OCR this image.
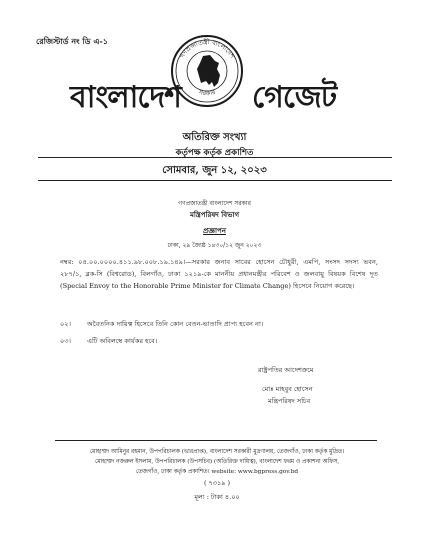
রেজিস্টার্ড নং ডি এ-১
বাংলাদেশ
গণপ্রজাতন্ত্রী বাংলাদেশ
সরকার গেজেট
অতিরিক্ত সংখ্যা
কর্তৃপক্ষ কর্তৃক প্রকাশিত
সোমবার, জুন ১২, ২০২৩
গণপ্রজাতন্ত্রী বাংলাদেশ সরকার
মন্ত্রিপরিষদ বিভাগ
প্রজ্ঞাপন
ঢাকা, ২৯ জ্যৈষ্ঠ ১৪৩০/১২ জুন ২০২৩
নম্বর: ০৪.০০.০০০০.৪১১.৯৮.০০৮.১৯.১৪৯।—সরকার জনাব সাবের হোসেন চৌধুরী, এমপি, সংসদ সদস্য ভবন, ২৮৭/১, ব্লক-সি (বিশ্বরোড), বিলগাঁও, ঢাকা ১২১৯-কে মাননীয় প্রধানমন্ত্রীর পরিবেশ ও জলবায়ু বিষয়ক বিশেষ দূত (Special Envoy to the Honorable Prime Minister for Climate Change) হিসেবে নিয়োগ করেছে।
০২। অবৈতনিক দায়িত্ব হিসেবে তিনি কোন বেতন-ভাতাদি প্রাপ্য হবেন না।
০৩। এটি অবিলম্বে কার্যকর হবে।
রাষ্ট্রপতির আদেশক্রমে
মোঃ মাহবুব হোসেন
মন্ত্রিপরিষদ সচিব
মোহাম্মদ আমিনুর রহমান, উপপরিচালক (ভারপ্রাপ্ত), বাংলাদেশ সরকারী মুদ্রণালয়, তেজগাঁও, ঢাকা কর্তৃক মুদ্রিত।
মোহাম্মদ নজরুল ইসলাম, উপপরিচালক (উপসচিব) (অতিরিক্ত দায়িত্ব), বাংলাদেশ ফরম ও প্রকাশনা অফিস,
তেজগাঁও, ঢাকা কর্তৃক প্রকাশিত। website: www.bgpress.gov.bd
( ৭৩১৯ )
মূল্য : টাকা ৪.০০
